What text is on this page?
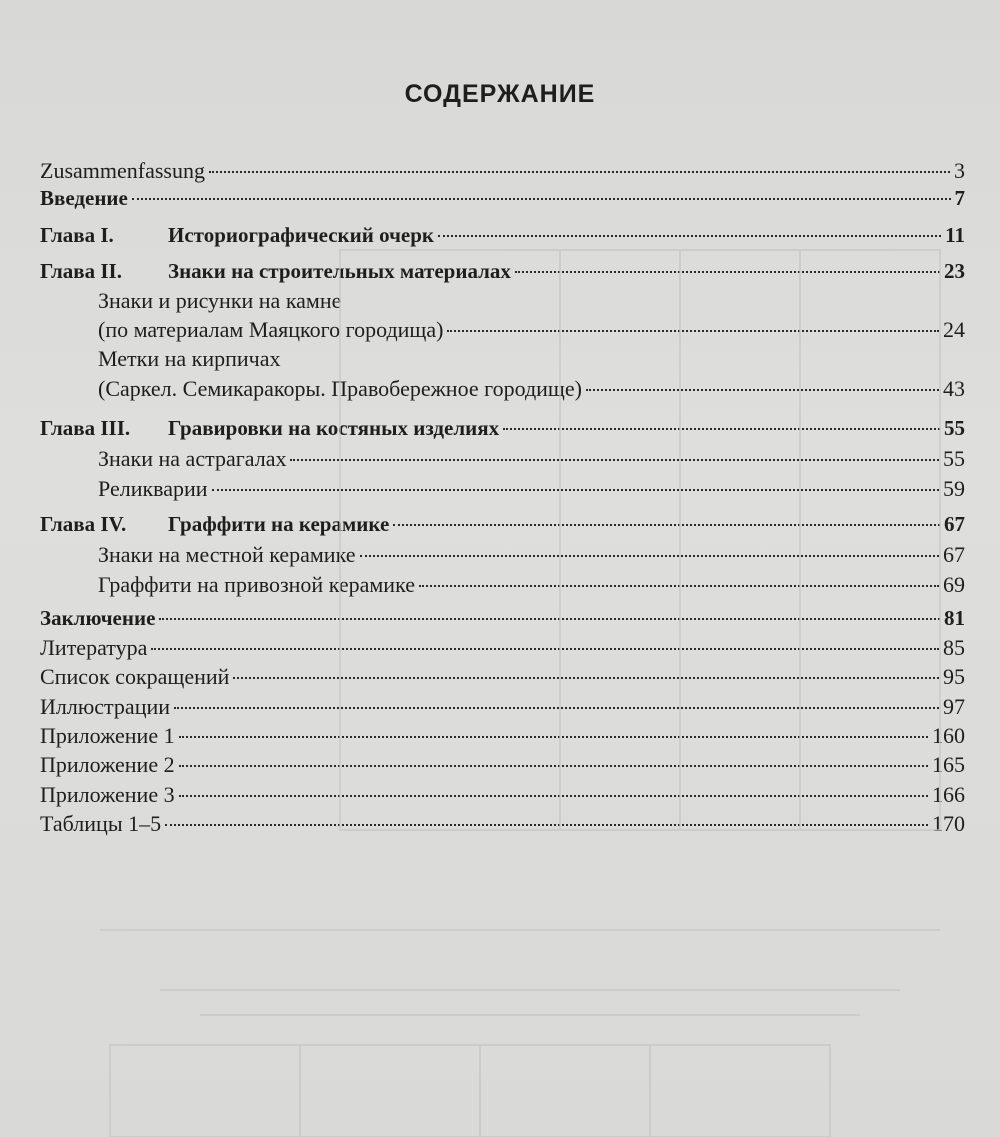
СОДЕРЖАНИЕ
Zusammenfassung	3
Введение	7
Глава I.	Историографический очерк	11
Глава II. Знаки на строительных материалах	23
Знаки и рисунки на камне
(по материалам Маяцкого городища)	24
Метки на кирпичах
(Саркел. Семикаракоры. Правобережное городище)	43
Глава III. Гравировки на костяных изделиях	55
Знаки на астрагалах	55
Реликварии	59
Глава IV. Граффити на керамике	67
Знаки на местной керамике	67
Граффити на привозной керамике	69
Заключение	81
Литература	85
Список сокращений	95
Иллюстрации	97
Приложение 1	160
Приложение 2	165
Приложение 3	166
Таблицы 1–5	170
